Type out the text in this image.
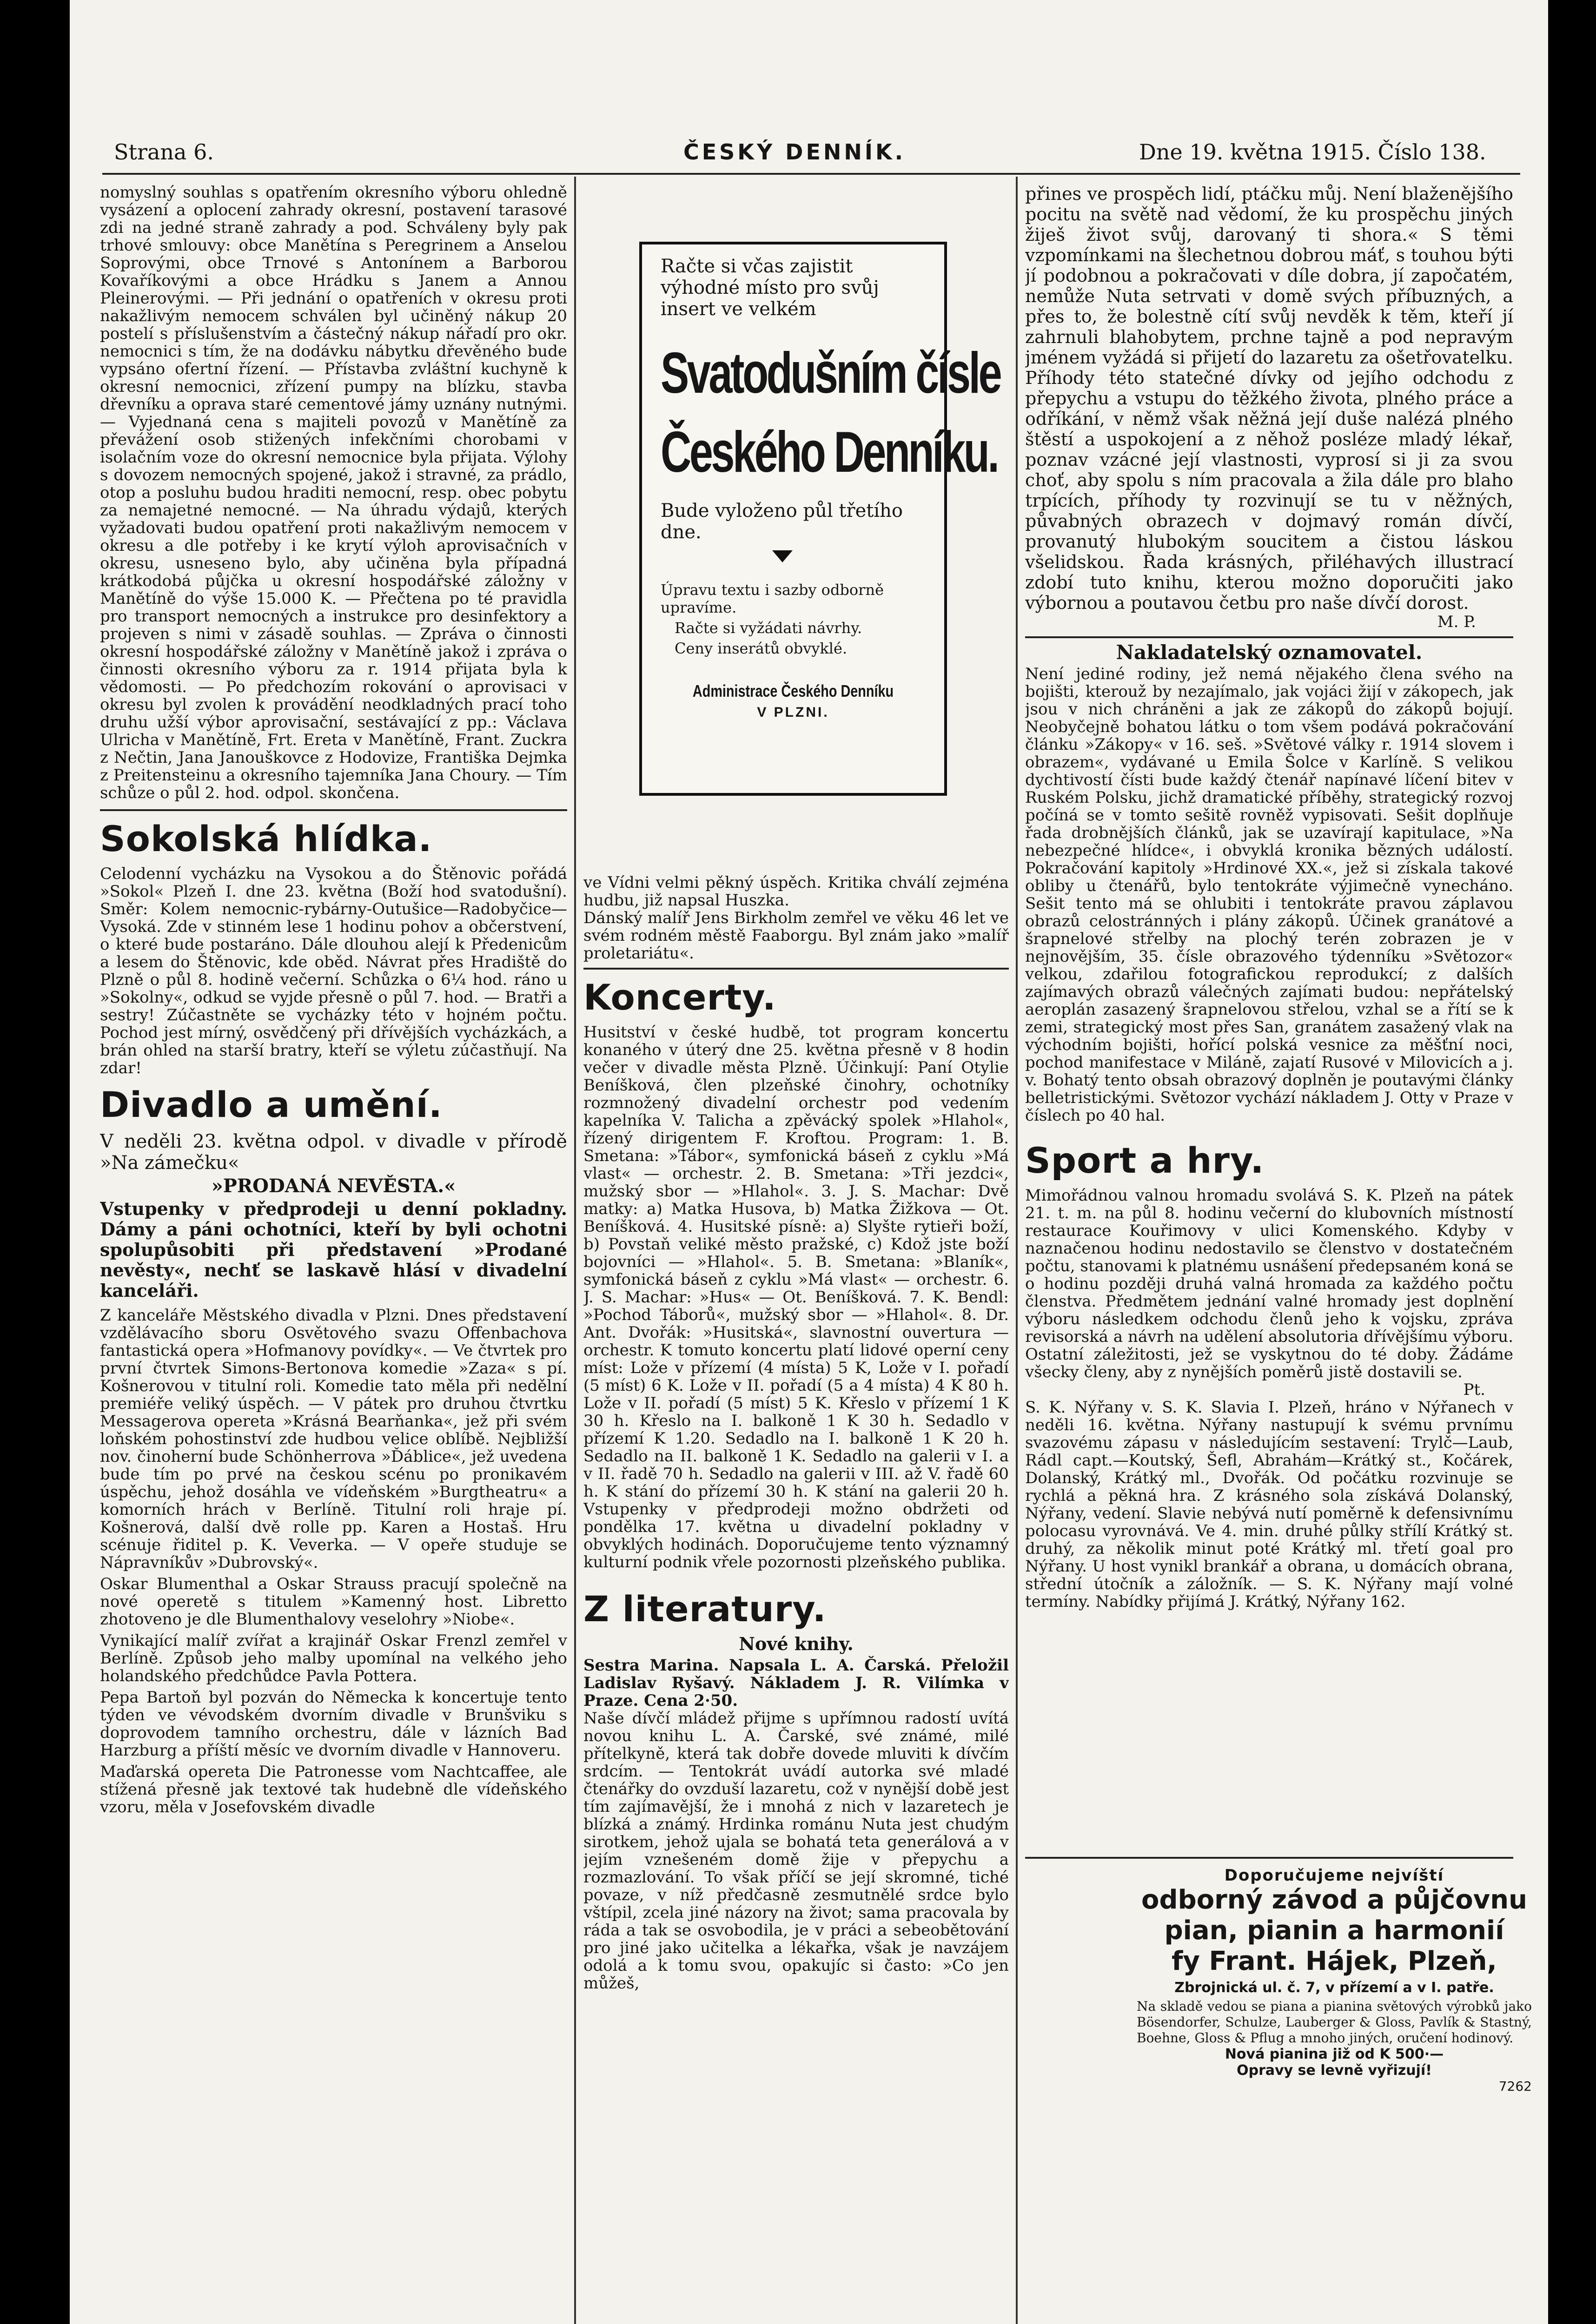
Strana 6.	ČESKÝ DENNÍK.	Dne 19. května 1915. Číslo 138.

nomyslný souhlas s opatřením okresního výboru ohledně vysázení a oplocení zahrady okresní, postavení tarasové zdi na jedné straně zahrady a pod. Schváleny byly pak trhové smlouvy: obce Manětína s Peregrinem a Anselou Soprovými, obce Trnové s Antonínem a Barborou Kovaříkovými a obce Hrádku s Janem a Annou Pleinerovými. — Při jednání o opatřeních v okresu proti nakažlivým nemocem schválen byl učiněný nákup 20 postelí s příslušenstvím a částečný nákup nářadí pro okr. nemocnici s tím, že na dodávku nábytku dřevěného bude vypsáno ofertní řízení. — Přístavba zvláštní kuchyně k okresní nemocnici, zřízení pumpy na blízku, stavba dřevníku a oprava staré cementové jámy uznány nutnými. — Vyjednaná cena s majiteli povozů v Manětíně za převážení osob stižených infekčními chorobami v isolačním voze do okresní nemocnice byla přijata. Výlohy s dovozem nemocných spojené, jakož i stravné, za prádlo, otop a posluhu budou hraditi nemocní, resp. obec pobytu za nemajetné nemocné. — Na úhradu výdajů, kterých vyžadovati budou opatření proti nakažlivým nemocem v okresu a dle potřeby i ke krytí výloh aprovisačních v okresu, usneseno bylo, aby učiněna byla případná krátkodobá půjčka u okresní hospodářské záložny v Manětíně do výše 15.000 K. — Přečtena po té pravidla pro transport nemocných a instrukce pro desinfektory a projeven s nimi v zásadě souhlas. — Zpráva o činnosti okresní hospodářské záložny v Manětíně jakož i zpráva o činnosti okresního výboru za r. 1914 přijata byla k vědomosti. — Po předchozím rokování o aprovisaci v okresu byl zvolen k provádění neodkladných prací toho druhu užší výbor aprovisační, sestávající z pp.: Václava Ulricha v Manětíně, Frt. Ereta v Manětíně, Frant. Zuckra z Nečtin, Jana Janouškovce z Hodovize, Františka Dejmka z Preitensteinu a okresního tajemníka Jana Choury. — Tím schůze o půl 2. hod. odpol. skončena.

Sokolská hlídka.

Celodenní vycházku na Vysokou a do Štěnovic pořádá »Sokol« Plzeň I. dne 23. května (Boží hod svatodušní). Směr: Kolem nemocnic-rybárny-Outušice—Radobyčice—Vysoká. Zde v stinném lese 1 hodinu pohov a občerstvení, o které bude postaráno. Dále dlouhou alejí k Předenicům a lesem do Štěnovic, kde oběd. Návrat přes Hradiště do Plzně o půl 8. hodině večerní. Schůzka o 6¼ hod. ráno u »Sokolny«, odkud se vyjde přesně o půl 7. hod. — Bratři a sestry! Zúčastněte se vycházky této v hojném počtu. Pochod jest mírný, osvědčený při dřívějších vycházkách, a brán ohled na starší bratry, kteří se výletu zúčastňují. Na zdar!

Divadlo a umění.

V neděli 23. května odpol. v divadle v přírodě »Na zámečku«

»PRODANÁ NEVĚSTA.«

Vstupenky v předprodeji u denní pokladny. Dámy a páni ochotníci, kteří by byli ochotni spolupůsobiti při představení »Prodané nevěsty«, nechť se laskavě hlásí v divadelní kanceláři.

Z kanceláře Městského divadla v Plzni. Dnes představení vzdělávacího sboru Osvětového svazu Offenbachova fantastická opera »Hofmanovy povídky«. — Ve čtvrtek pro první čtvrtek Simons-Bertonova komedie »Zaza« s pí. Košnerovou v titulní roli. Komedie tato měla při nedělní premiéře veliký úspěch. — V pátek pro druhou čtvrtku Messagerova opereta »Krásná Bearňanka«, jež při svém loňském pohostinství zde hudbou velice oblíbě. Nejbližší nov. činoherní bude Schönherrova »Ďáblice«, jež uvedena bude tím po prvé na českou scénu po pronikavém úspěchu, jehož dosáhla ve vídeňském »Burgtheatru« a komorních hrách v Berlíně. Titulní roli hraje pí. Košnerová, další dvě rolle pp. Karen a Hostaš. Hru scénuje řiditel p. K. Veverka. — V opeře studuje se Nápravníkův »Dubrovský«.

Oskar Blumenthal a Oskar Strauss pracují společně na nové operetě s titulem »Kamenný host. Libretto zhotoveno je dle Blumenthalovy veselohry »Niobe«.

Vynikající malíř zvířat a krajinář Oskar Frenzl zemřel v Berlíně. Způsob jeho malby upomínal na velkého jeho holandského předchůdce Pavla Pottera.

Pepa Bartoň byl pozván do Německa k koncertuje tento týden ve vévodském dvorním divadle v Brunšviku s doprovodem tamního orchestru, dále v lázních Bad Harzburg a příští měsíc ve dvorním divadle v Hannoveru.

Maďarská opereta Die Patronesse vom Nachtcaffee, ale stížená přesně jak textové tak hudebně dle vídeňského vzoru, měla v Josefovském divadle

Račte si včas zajistit výhodné místo pro svůj insert ve velkém
Svatodušním čísle
Českého Denníku.
Bude vyloženo půl třetího dne.
Úpravu textu i sazby odborně upravíme.
Račte si vyžádati návrhy.
Ceny inserátů obvyklé.
Administrace Českého Denníku
V PLZNI.

ve Vídni velmi pěkný úspěch. Kritika chválí zejména hudbu, již napsal Huszka.

Dánský malíř Jens Birkholm zemřel ve věku 46 let ve svém rodném městě Faaborgu. Byl znám jako »malíř proletariátu«.

Koncerty.

Husitství v české hudbě, tot program koncertu konaného v úterý dne 25. května přesně v 8 hodin večer v divadle města Plzně. Účinkují: Paní Otylie Beníšková, člen plzeňské činohry, ochotníky rozmnožený divadelní orchestr pod vedením kapelníka V. Talicha a zpěvácký spolek »Hlahol«, řízený dirigentem F. Kroftou. Program: 1. B. Smetana: »Tábor«, symfonická báseň z cyklu »Má vlast« — orchestr. 2. B. Smetana: »Tři jezdci«, mužský sbor — »Hlahol«. 3. J. S. Machar: Dvě matky: a) Matka Husova, b) Matka Žižkova — Ot. Beníšková. 4. Husitské písně: a) Slyšte rytieři boží, b) Povstaň veliké město pražské, c) Kdož jste boží bojovníci — »Hlahol«. 5. B. Smetana: »Blaník«, symfonická báseň z cyklu »Má vlast« — orchestr. 6. J. S. Machar: »Hus« — Ot. Beníšková. 7. K. Bendl: »Pochod Táborů«, mužský sbor — »Hlahol«. 8. Dr. Ant. Dvořák: »Husitská«, slavnostní ouvertura — orchestr. K tomuto koncertu platí lidové operní ceny míst: Lože v přízemí (4 místa) 5 K, Lože v I. pořadí (5 míst) 6 K. Lože v II. pořadí (5 a 4 místa) 4 K 80 h. Lože v II. pořadí (5 míst) 5 K. Křeslo v přízemí 1 K 30 h. Křeslo na I. balkoně 1 K 30 h. Sedadlo v přízemí K 1.20. Sedadlo na I. balkoně 1 K 20 h. Sedadlo na II. balkoně 1 K. Sedadlo na galerii v I. a v II. řadě 70 h. Sedadlo na galerii v III. až V. řadě 60 h. K stání do přízemí 30 h. K stání na galerii 20 h. Vstupenky v předprodeji možno obdržeti od pondělka 17. května u divadelní pokladny v obvyklých hodinách. Doporučujeme tento významný kulturní podnik vřele pozornosti plzeňského publika.

Z literatury.
Nové knihy.

Sestra Marina. Napsala L. A. Čarská. Přeložil Ladislav Ryšavý. Nákladem J. R. Vilímka v Praze. Cena 2·50.

Naše dívčí mládež přijme s upřímnou radostí uvítá novou knihu L. A. Čarské, své známé, milé přítelkyně, která tak dobře dovede mluviti k dívčím srdcím. — Tentokrát uvádí autorka své mladé čtenářky do ovzduší lazaretu, což v nynější době jest tím zajímavější, že i mnohá z nich v lazaretech je blízká a známý. Hrdinka románu Nuta jest chudým sirotkem, jehož ujala se bohatá teta generálová a v jejím vznešeném domě žije v přepychu a rozmazlování. To však příčí se její skromné, tiché povaze, v níž předčasně zesmutnělé srdce bylo vštípil, zcela jiné názory na život; sama pracovala by ráda a tak se osvobodila, je v práci a sebeobětování pro jiné jako učitelka a lékařka, však je navzájem odolá a k tomu svou, opakujíc si často: »Co jen můžeš,

přines ve prospěch lidí, ptáčku můj. Není blaženějšího pocitu na světě nad vědomí, že ku prospěchu jiných žiješ život svůj, darovaný ti shora.« S těmi vzpomínkami na šlechetnou dobrou máť, s touhou býti jí podobnou a pokračovati v díle dobra, jí započatém, nemůže Nuta setrvati v domě svých příbuzných, a přes to, že bolestně cítí svůj nevděk k těm, kteří jí zahrnuli blahobytem, prchne tajně a pod nepravým jménem vyžádá si přijetí do lazaretu za ošetřovatelku. Příhody této statečné dívky od jejího odchodu z přepychu a vstupu do těžkého života, plného práce a odříkání, v němž však něžná její duše nalézá plného štěstí a uspokojení a z něhož posléze mladý lékař, poznav vzácné její vlastnosti, vyprosí si ji za svou choť, aby spolu s ním pracovala a žila dále pro blaho trpících, příhody ty rozvinují se tu v něžných, půvabných obrazech v dojmavý román dívčí, provanutý hlubokým soucitem a čistou láskou všelidskou. Řada krásných, přiléhavých illustrací zdobí tuto knihu, kterou možno doporučiti jako výbornou a poutavou četbu pro naše dívčí dorost.

M. P.
Nakladatelský oznamovatel.

Není jediné rodiny, jež nemá nějakého člena svého na bojišti, kterouž by nezajímalo, jak vojáci žijí v zákopech, jak jsou v nich chráněni a jak ze zákopů do zákopů bojují. Neobyčejně bohatou látku o tom všem podává pokračování článku »Zákopy« v 16. seš. »Světové války r. 1914 slovem i obrazem«, vydávané u Emila Šolce v Karlíně. S velikou dychtivostí čísti bude každý čtenář napínavé líčení bitev v Ruském Polsku, jichž dramatické příběhy, strategický rozvoj počíná se v tomto sešitě rovněž vypisovati. Sešit doplňuje řada drobnějších článků, jak se uzavírají kapitulace, »Na nebezpečné hlídce«, i obvyklá kronika bězných událostí. Pokračování kapitoly »Hrdinové XX.«, jež si získala takové obliby u čtenářů, bylo tentokráte výjimečně vynecháno. Sešit tento má se ohlubiti i tentokráte pravou záplavou obrazů celostránných i plány zákopů. Účinek granátové a šrapnelové střelby na plochý terén zobrazen je v nejnovějším, 35. čísle obrazového týdenníku »Světozor« velkou, zdařilou fotografickou reprodukcí; z dalších zajímavých obrazů válečných zajímati budou: nepřátelský aeroplán zasazený šrapnelovou střelou, vzhal se a řítí se k zemi, strategický most přes San, granátem zasažený vlak na východním bojišti, hořící polská vesnice za měšťní noci, pochod manifestace v Miláně, zajatí Rusové v Milovicích a j. v. Bohatý tento obsah obrazový doplněn je poutavými články belletristickými. Světozor vychází nákladem J. Otty v Praze v číslech po 40 hal.

Sport a hry.

Mimořádnou valnou hromadu svolává S. K. Plzeň na pátek 21. t. m. na půl 8. hodinu večerní do klubovních místností restaurace Kouřimovy v ulici Komenského. Kdyby v naznačenou hodinu nedostavilo se členstvo v dostatečném počtu, stanovami k platnému usnášení předepsaném koná se o hodinu později druhá valná hromada za každého počtu členstva. Předmětem jednání valné hromady jest doplnění výboru následkem odchodu členů jeho k vojsku, zpráva revisorská a návrh na udělení absolutoria dřívějšímu výboru. Ostatní záležitosti, jež se vyskytnou do té doby. Žádáme všecky členy, aby z nynějších poměrů jistě dostavili se.

Pt.

S. K. Nýřany v. S. K. Slavia I. Plzeň, hráno v Nýřanech v neděli 16. května. Nýřany nastupují k svému prvnímu svazovému zápasu v následujícím sestavení: Trylč—Laub, Rádl capt.—Koutský, Šefl, Abrahám—Krátký st., Kočárek, Dolanský, Krátký ml., Dvořák. Od počátku rozvinuje se rychlá a pěkná hra. Z krásného sola získává Dolanský, Nýřany, vedení. Slavie nebývá nutí poměrně k defensivnímu polocasu vyrovnává. Ve 4. min. druhé půlky střílí Krátký st. druhý, za několik minut poté Krátký ml. třetí goal pro Nýřany. U host vynikl brankář a obrana, u domácích obrana, střední útočník a záložník. — S. K. Nýřany mají volné termíny. Nabídky přijímá J. Krátký, Nýřany 162.

Doporučujeme nejvíští
odborný závod a půjčovnu
pian, pianin a harmonií
fy Frant. Hájek, Plzeň,
Zbrojnická ul. č. 7, v přízemí a v I. patře.
Na skladě vedou se piana a pianina světových výrobků jako Bösendorfer, Schulze, Lauberger & Gloss, Pavlík & Stastný, Boehne, Gloss & Pflug a mnoho jiných, oručení hodinový.
Nová pianina již od K 500·—
Opravy se levně vyřizují!
7262
